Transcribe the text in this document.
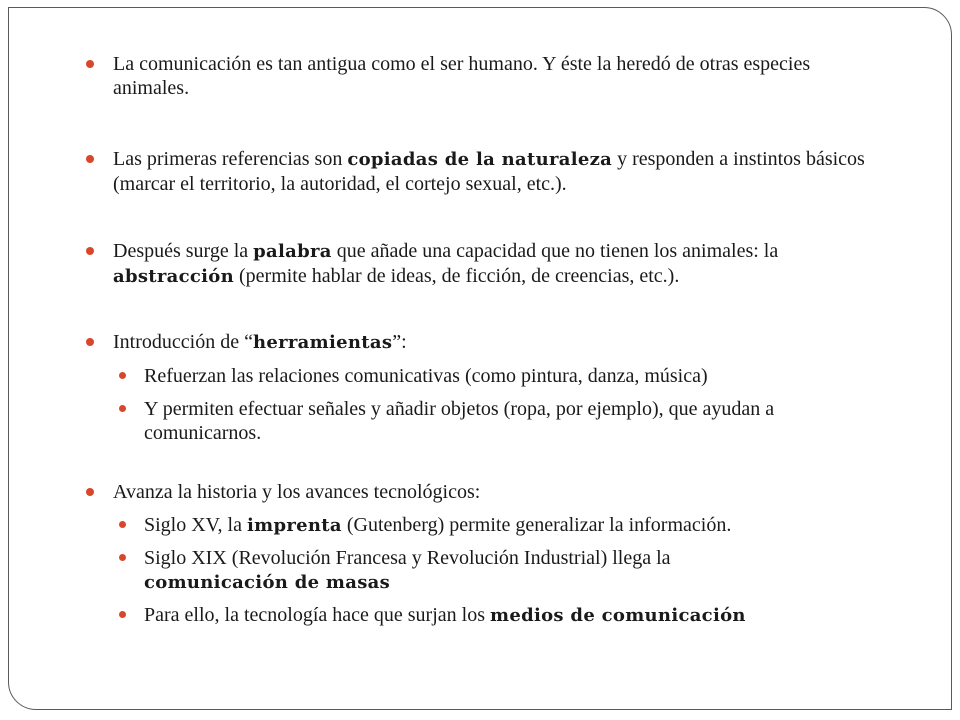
La comunicación es tan antigua como el ser humano. Y éste la heredó de otras especies animales.
Las primeras referencias son copiadas de la naturaleza y responden a instintos básicos (marcar el territorio, la autoridad, el cortejo sexual, etc.).
Después surge la palabra que añade una capacidad que no tienen los animales: la abstracción (permite hablar de ideas, de ficción, de creencias, etc.).
Introducción de “herramientas”:
Refuerzan las relaciones comunicativas (como pintura, danza, música)
Y permiten efectuar señales y añadir objetos (ropa, por ejemplo), que ayudan a comunicarnos.
Avanza la historia y los avances tecnológicos:
Siglo XV, la imprenta (Gutenberg) permite generalizar la información.
Siglo XIX (Revolución Francesa y Revolución Industrial) llega la comunicación de masas
Para ello, la tecnología hace que surjan los medios de comunicación
